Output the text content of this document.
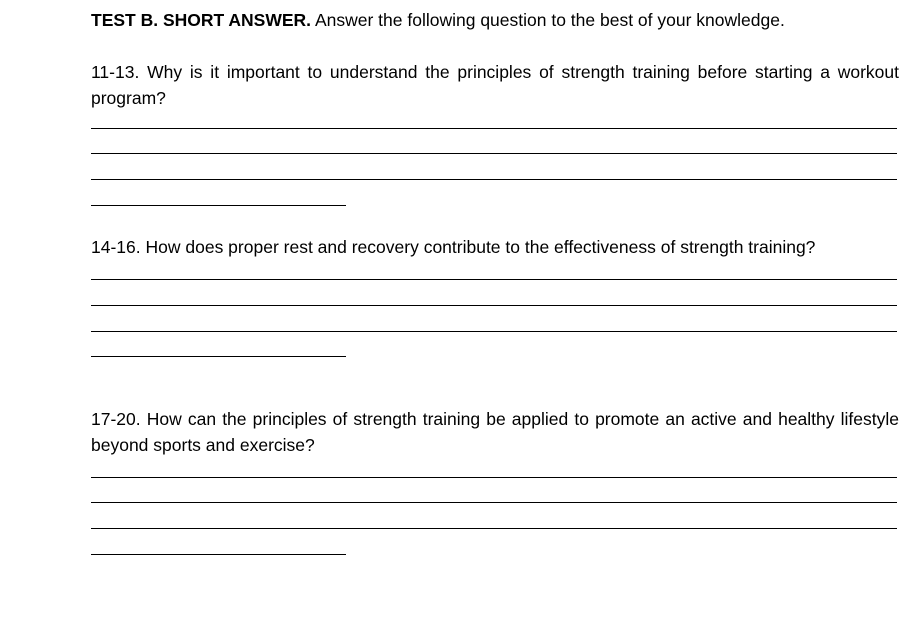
TEST B. SHORT ANSWER. Answer the following question to the best of your knowledge.
11-13. Why is it important to understand the principles of strength training before starting a workout program?
14-16. How does proper rest and recovery contribute to the effectiveness of strength training?
17-20. How can the principles of strength training be applied to promote an active and healthy lifestyle beyond sports and exercise?
